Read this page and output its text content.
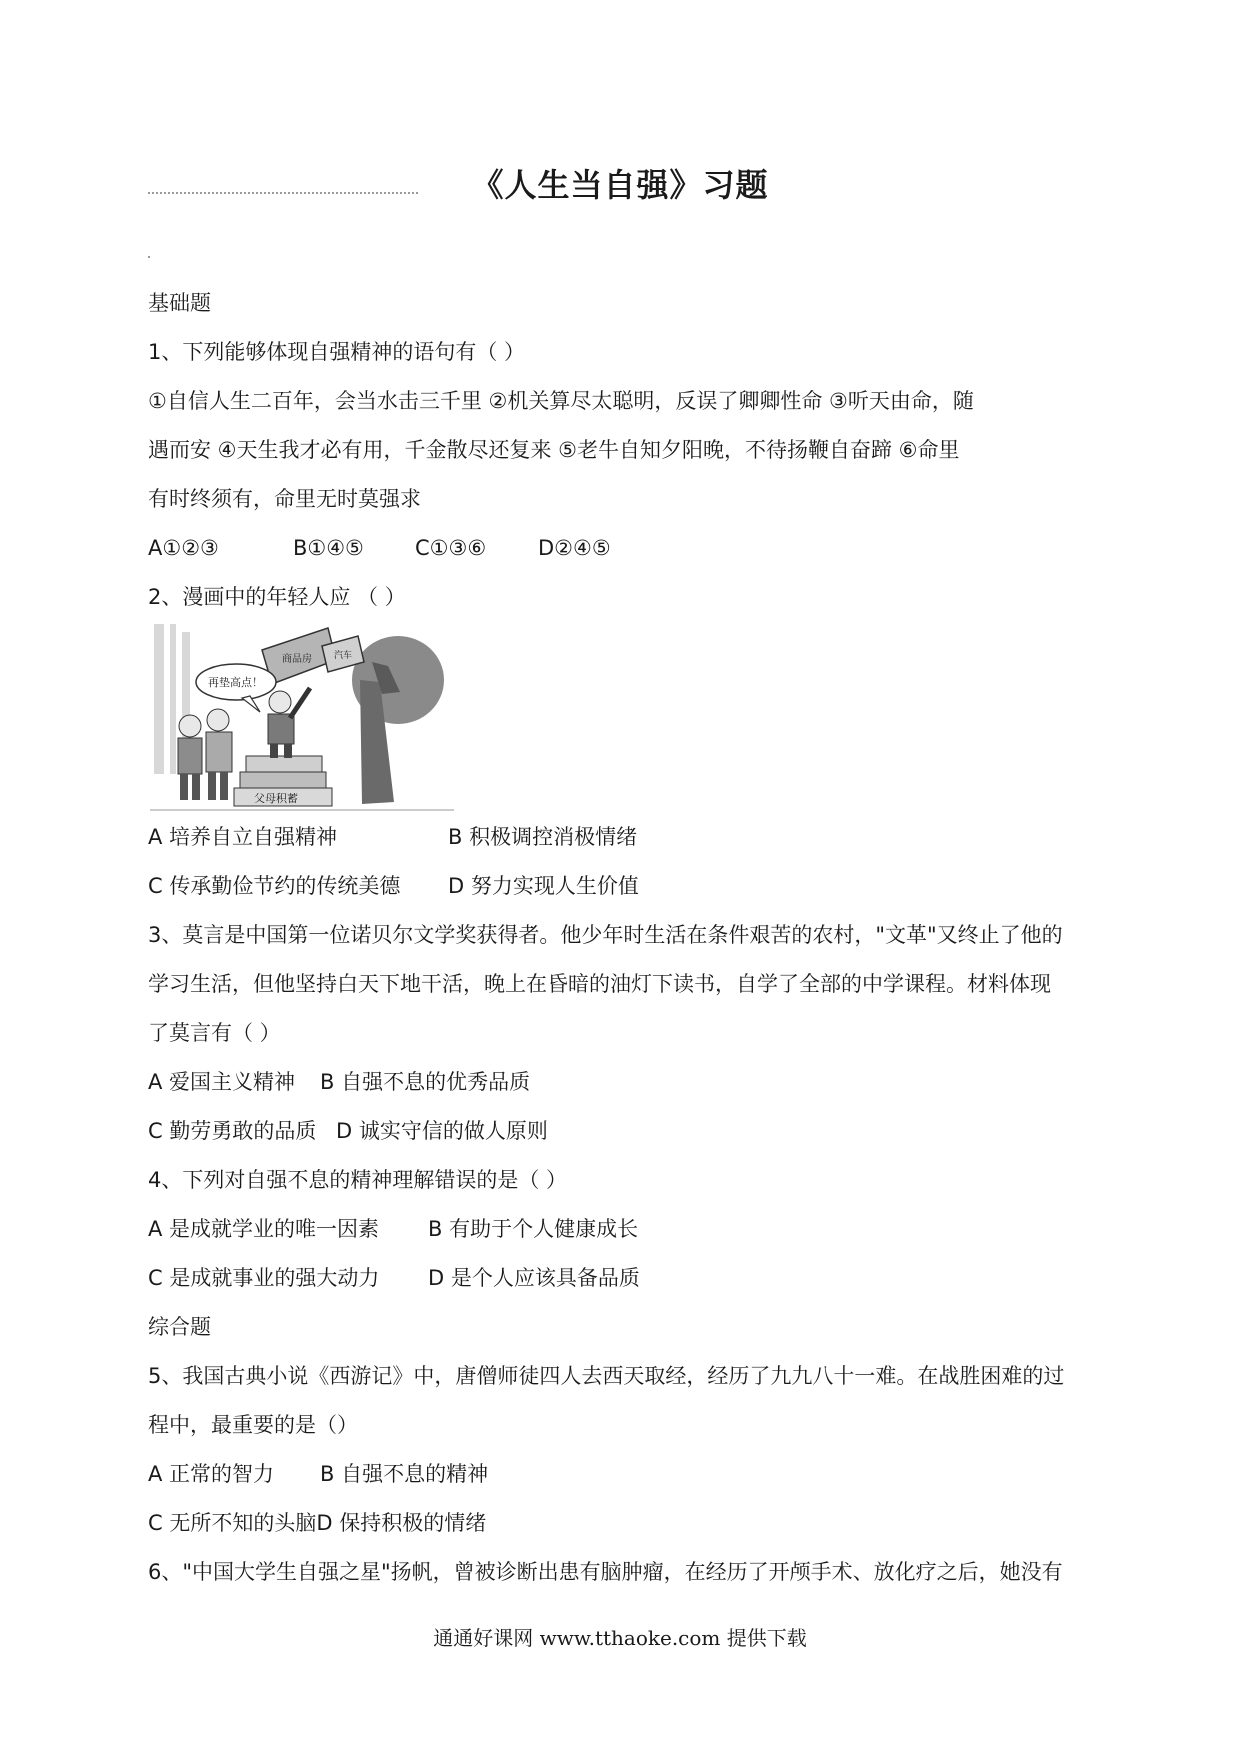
《人生当自强》习题
基础题
1、下列能够体现自强精神的语句有（ ）
①自信人生二百年，会当水击三千里 ②机关算尽太聪明，反误了卿卿性命 ③听天由命，随
遇而安 ④天生我才必有用，千金散尽还复来 ⑤老牛自知夕阳晚，不待扬鞭自奋蹄 ⑥命里
有时终须有，命里无时莫强求
A①②③	B①④⑤ C①③⑥ D②④⑤
2、漫画中的年轻人应 （ ）
商品房 汽车
再垫高点！
父母积蓄
A 培养自立自强精神	B 积极调控消极情绪
C 传承勤俭节约的传统美德 D 努力实现人生价值
3、莫言是中国第一位诺贝尔文学奖获得者。他少年时生活在条件艰苦的农村，"文革"又终止了他的
学习生活，但他坚持白天下地干活，晚上在昏暗的油灯下读书，自学了全部的中学课程。材料体现
了莫言有（ ）
A 爱国主义精神 B 自强不息的优秀品质
C 勤劳勇敢的品质 D 诚实守信的做人原则
4、下列对自强不息的精神理解错误的是（ ）
A 是成就学业的唯一因素 B 有助于个人健康成长
C 是成就事业的强大动力 D 是个人应该具备品质
综合题
5、我国古典小说《西游记》中，唐僧师徒四人去西天取经，经历了九九八十一难。在战胜困难的过
程中，最重要的是（）
A 正常的智力 B 自强不息的精神
C 无所不知的头脑D 保持积极的情绪
6、"中国大学生自强之星"扬帆，曾被诊断出患有脑肿瘤，在经历了开颅手术、放化疗之后，她没有
通通好课网 www.tthaoke.com 提供下载
